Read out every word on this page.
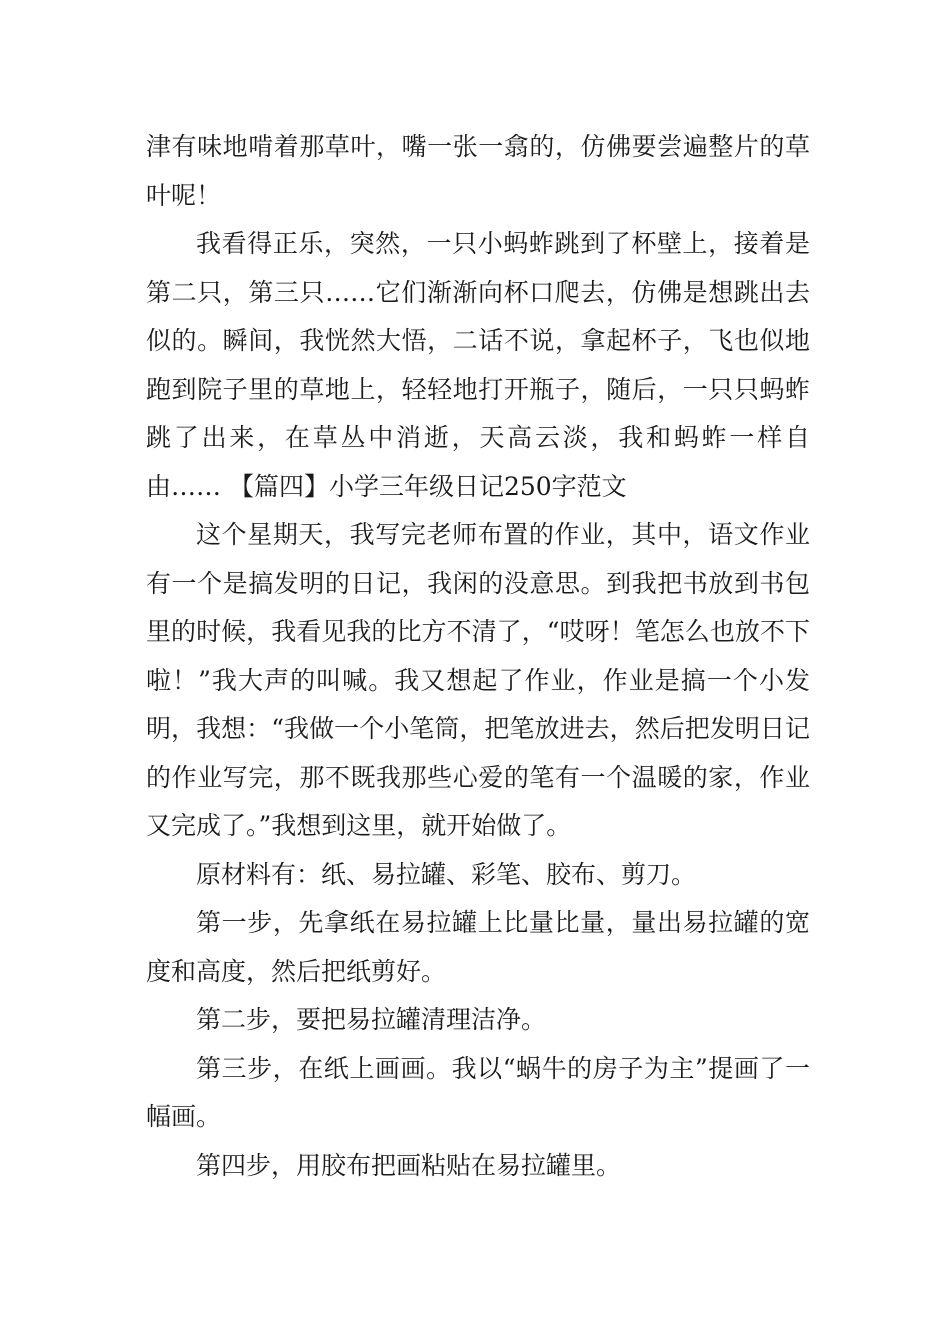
津有味地啃着那草叶，嘴一张一翕的，仿佛要尝遍整片的草叶呢！

我看得正乐，突然，一只小蚂蚱跳到了杯壁上，接着是第二只，第三只……它们渐渐向杯口爬去，仿佛是想跳出去似的。瞬间，我恍然大悟，二话不说，拿起杯子，飞也似地跑到院子里的草地上，轻轻地打开瓶子，随后，一只只蚂蚱跳了出来，在草丛中消逝，天高云淡，我和蚂蚱一样自由…… 【篇四】小学三年级日记250字范文

这个星期天，我写完老师布置的作业，其中，语文作业有一个是搞发明的日记，我闲的没意思。到我把书放到书包里的时候，我看见我的比方不清了，“哎呀！笔怎么也放不下啦！”我大声的叫喊。我又想起了作业，作业是搞一个小发明，我想：“我做一个小笔筒，把笔放进去，然后把发明日记的作业写完，那不既我那些心爱的笔有一个温暖的家，作业又完成了。”我想到这里，就开始做了。

原材料有：纸、易拉罐、彩笔、胶布、剪刀。

第一步，先拿纸在易拉罐上比量比量，量出易拉罐的宽度和高度，然后把纸剪好。

第二步，要把易拉罐清理洁净。

第三步，在纸上画画。我以“蜗牛的房子为主”提画了一幅画。

第四步，用胶布把画粘贴在易拉罐里。
